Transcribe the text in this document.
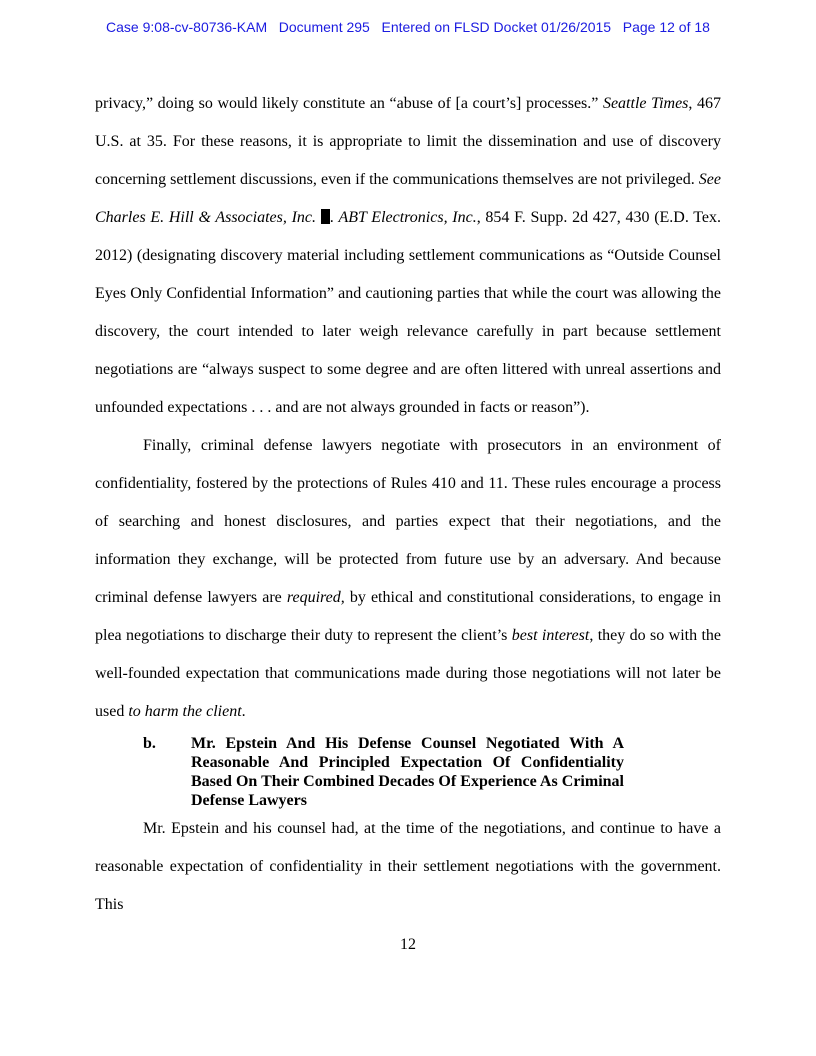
Case 9:08-cv-80736-KAM   Document 295   Entered on FLSD Docket 01/26/2015   Page 12 of 18

privacy,” doing so would likely constitute an “abuse of [a court’s] processes.” Seattle Times, 467 U.S. at 35. For these reasons, it is appropriate to limit the dissemination and use of discovery concerning settlement discussions, even if the communications themselves are not privileged. See Charles E. Hill & Associates, Inc. . ABT Electronics, Inc., 854 F. Supp. 2d 427, 430 (E.D. Tex. 2012) (designating discovery material including settlement communications as “Outside Counsel Eyes Only Confidential Information” and cautioning parties that while the court was allowing the discovery, the court intended to later weigh relevance carefully in part because settlement negotiations are “always suspect to some degree and are often littered with unreal assertions and unfounded expectations . . . and are not always grounded in facts or reason”).

Finally, criminal defense lawyers negotiate with prosecutors in an environment of confidentiality, fostered by the protections of Rules 410 and 11. These rules encourage a process of searching and honest disclosures, and parties expect that their negotiations, and the information they exchange, will be protected from future use by an adversary. And because criminal defense lawyers are required, by ethical and constitutional considerations, to engage in plea negotiations to discharge their duty to represent the client’s best interest, they do so with the well-founded expectation that communications made during those negotiations will not later be used to harm the client.

b.	Mr. Epstein And His Defense Counsel Negotiated With A Reasonable And Principled Expectation Of Confidentiality Based On Their Combined Decades Of Experience As Criminal Defense Lawyers

Mr. Epstein and his counsel had, at the time of the negotiations, and continue to have a reasonable expectation of confidentiality in their settlement negotiations with the government. This

12
